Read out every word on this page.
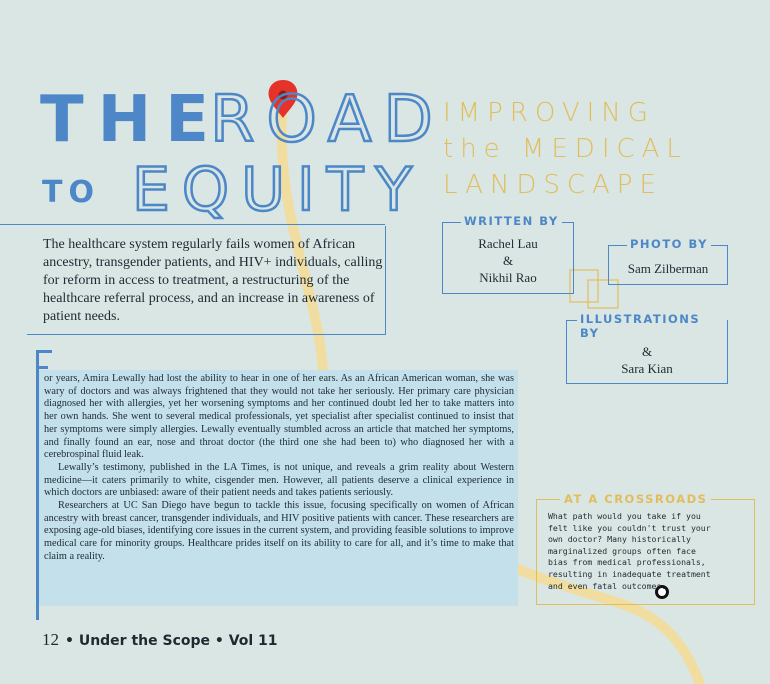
THE
ROAD
TO EQUITY
IMPROVING
the MEDICAL
LANDSCAPE
The healthcare system regularly fails women of African ancestry, transgender patients, and HIV+ individuals, calling for reform in access to treatment, a restructuring of the healthcare referral process, and an increase in awareness of patient needs.
WRITTEN BY
Rachel Lau
&
Nikhil Rao
PHOTO BY
Sam Zilberman
ILLUSTRATIONS BY
&
Sara Kian

or years, Amira Lewally had lost the ability to hear in one of her ears. As an African American woman, she was wary of doctors and was always frightened that they would not take her seriously. Her primary care physician diagnosed her with allergies, yet her worsening symptoms and her continued doubt led her to take matters into her own hands. She went to several medical professionals, yet specialist after specialist continued to insist that her symptoms were simply allergies. Lewally eventually stumbled across an article that matched her symptoms, and finally found an ear, nose and throat doctor (the third one she had been to) who diagnosed her with a cerebrospinal fluid leak.

Lewally’s testimony, published in the LA Times, is not unique, and reveals a grim reality about Western medicine—it caters primarily to white, cisgender men. However, all patients deserve a clinical experience in which doctors are unbiased: aware of their patient needs and takes patients seriously.

Researchers at UC San Diego have begun to tackle this issue, focusing specifically on women of African ancestry with breast cancer, transgender individuals, and HIV positive patients with cancer. These researchers are exposing age-old biases, identifying core issues in the current system, and providing feasible solutions to improve medical care for minority groups. Healthcare prides itself on its ability to care for all, and it’s time to make that claim a reality.

AT A CROSSROADS
What path would you take if you felt like you couldn't trust your own doctor? Many historically marginalized groups often face bias from medical professionals, resulting in inadequate treatment and even fatal outcomes.
12 • Under the Scope • Vol 11
